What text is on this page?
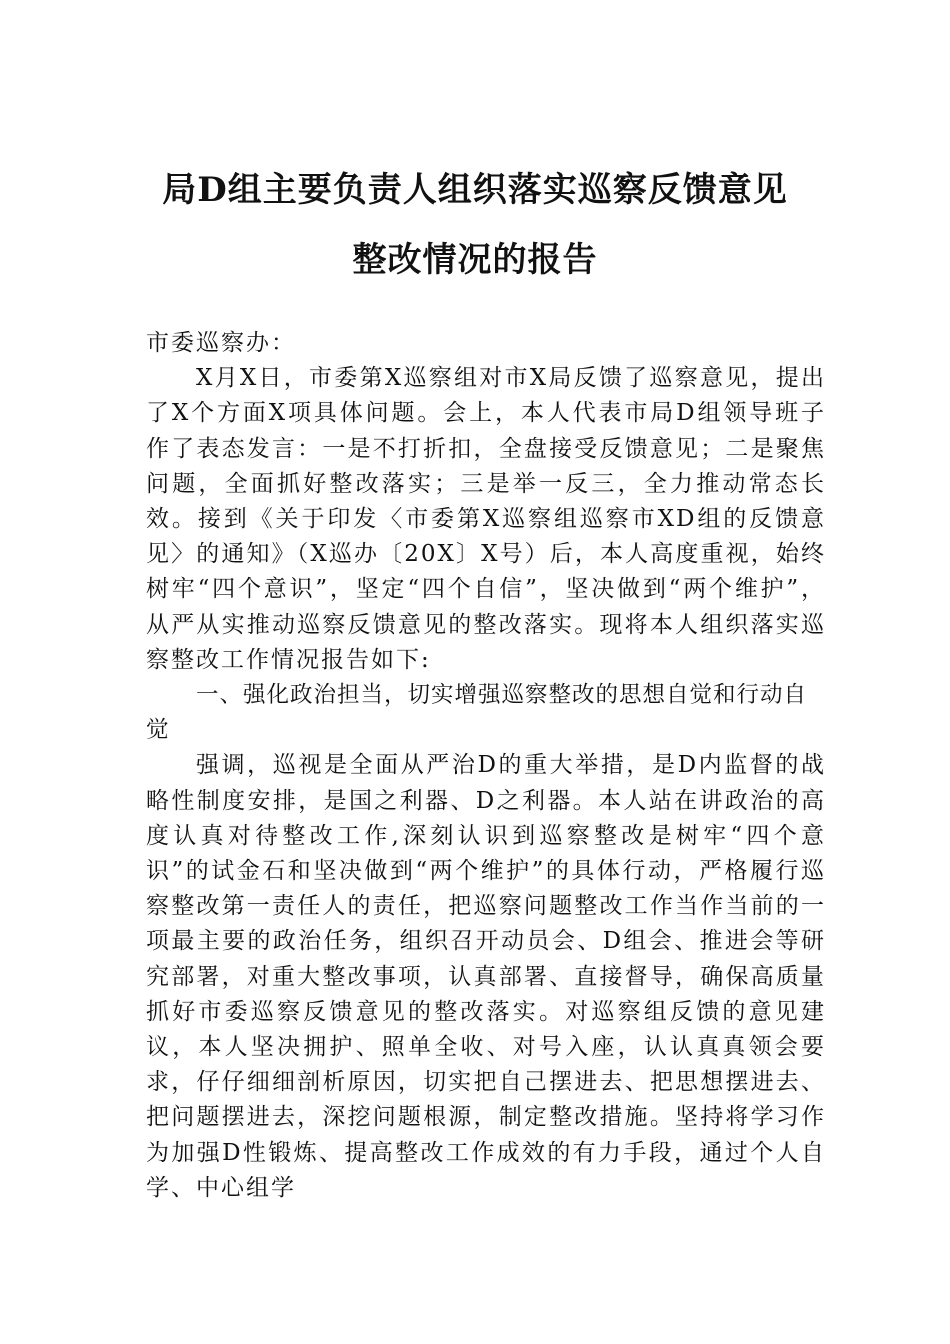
局D组主要负责人组织落实巡察反馈意见
整改情况的报告

市委巡察办：

X月X日，市委第X巡察组对市X局反馈了巡察意见，提出了X个方面X项具体问题。会上，本人代表市局D组领导班子作了表态发言：一是不打折扣，全盘接受反馈意见；二是聚焦问题，全面抓好整改落实；三是举一反三，全力推动常态长效。接到《关于印发〈市委第X巡察组巡察市XD组的反馈意见〉的通知》（X巡办〔20X〕X号）后，本人高度重视，始终树牢“四个意识”，坚定“四个自信”，坚决做到“两个维护”，从严从实推动巡察反馈意见的整改落实。现将本人组织落实巡察整改工作情况报告如下:

一、强化政治担当，切实增强巡察整改的思想自觉和行动自觉

强调，巡视是全面从严治D的重大举措，是D内监督的战略性制度安排，是国之利器、D之利器。本人站在讲政治的高度认真对待整改工作,深刻认识到巡察整改是树牢“四个意识”的试金石和坚决做到“两个维护”的具体行动，严格履行巡察整改第一责任人的责任，把巡察问题整改工作当作当前的一项最主要的政治任务，组织召开动员会、D组会、推进会等研究部署，对重大整改事项，认真部署、直接督导，确保高质量抓好市委巡察反馈意见的整改落实。对巡察组反馈的意见建议，本人坚决拥护、照单全收、对号入座，认认真真领会要求，仔仔细细剖析原因，切实把自己摆进去、把思想摆进去、把问题摆进去，深挖问题根源，制定整改措施。坚持将学习作为加强D性锻炼、提高整改工作成效的有力手段，通过个人自学、中心组学
